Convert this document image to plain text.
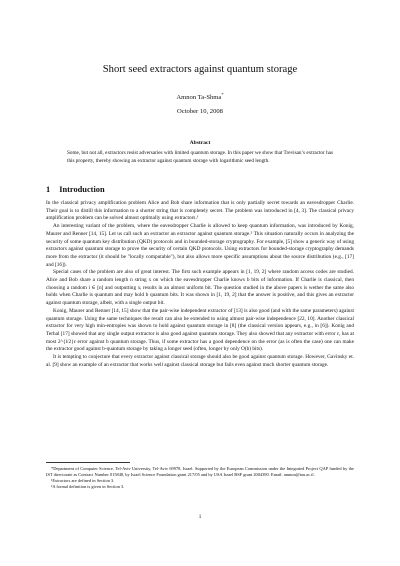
Short seed extractors against quantum storage
Amnon Ta-Shma*
October 10, 2008
Abstract
Some, but not all, extractors resist adversaries with limited quantum storage. In this paper we show that Trevisan’s extractor has this property, thereby showing an extractor against quantum storage with logarithmic seed length.
1 Introduction

In the classical privacy amplification problem Alice and Bob share information that is only partially secret towards an eavesdropper Charlie. Their goal is to distill this information to a shorter string that is completely secret. The problem was introduced in [4, 3]. The classical privacy amplification problem can be solved almost optimally using extractors.¹

An interesting variant of the problem, where the eavesdropper Charlie is allowed to keep quantum information, was introduced by Konig, Maurer and Renner [14, 15]. Let us call such an extractor an extractor against quantum storage.² This situation naturally occurs in analyzing the security of some quantum key distribution (QKD) protocols and in bounded-storage cryptography. For example, [5] show a generic way of using extractors against quantum storage to prove the security of certain QKD protocols. Using extractors for bounded-storage cryptography demands more from the extractor (it should be "locally computable"), but also allows more specific assumptions about the source distribution (e.g., [17] and [16]).

Special cases of the problem are also of great interest. The first such example appears in [1, 19, 2] where random access codes are studied. Alice and Bob share a random length n string x on which the eavesdropper Charlie knows b bits of information. If Charlie is classical, then choosing a random i ∈ [n] and outputting xᵢ results in an almost uniform bit. The question studied in the above papers is wether the same also holds when Charlie is quantum and may hold b quantum bits. It was shown in [1, 19, 2] that the answer is positive, and this gives an extractor against quantum storage, albeit, with a single output bit.

Konig, Maurer and Renner [14, 15] show that the pair-wise independent extractor of [13] is also good (and with the same parameters) against quantum storage. Using the same techniques the result can also be extended to using almost pair-wise independence [22, 10]. Another classical extractor for very high min-entropies was shown to hold against quantum storage in [8] (the classical version appears, e.g., in [6]). Konig and Terhal [17] showed that any single output extractor is also good against quantum storage. They also showed that any extractor with error ε, has at most 2^{l/2}ε error against b quantum storage. Thus, if some extractor has a good dependence on the error (as is often the case) one can make the extractor good against b-quantum storage by taking a longer seed (often, longer by only O(b) bits).

It is tempting to conjecture that every extractor against classical storage should also be good against quantum storage. However, Gavinsky et. al. [9] show an example of an extractor that works well against classical storage but fails even against much shorter quantum storage.

*Department of Computer Science, Tel-Aviv University, Tel-Aviv 69978, Israel. Supported by the European Commission under the Integrated Project QAP funded by the IST directorate as Contract Number 015848, by Israel Science Foundation grant 217/05 and by USA Israel BSF grant 2004390. Email: amnon@tau.ac.il.

¹Extractors are defined in Section 3.

²A formal definition is given in Section 3.

1
